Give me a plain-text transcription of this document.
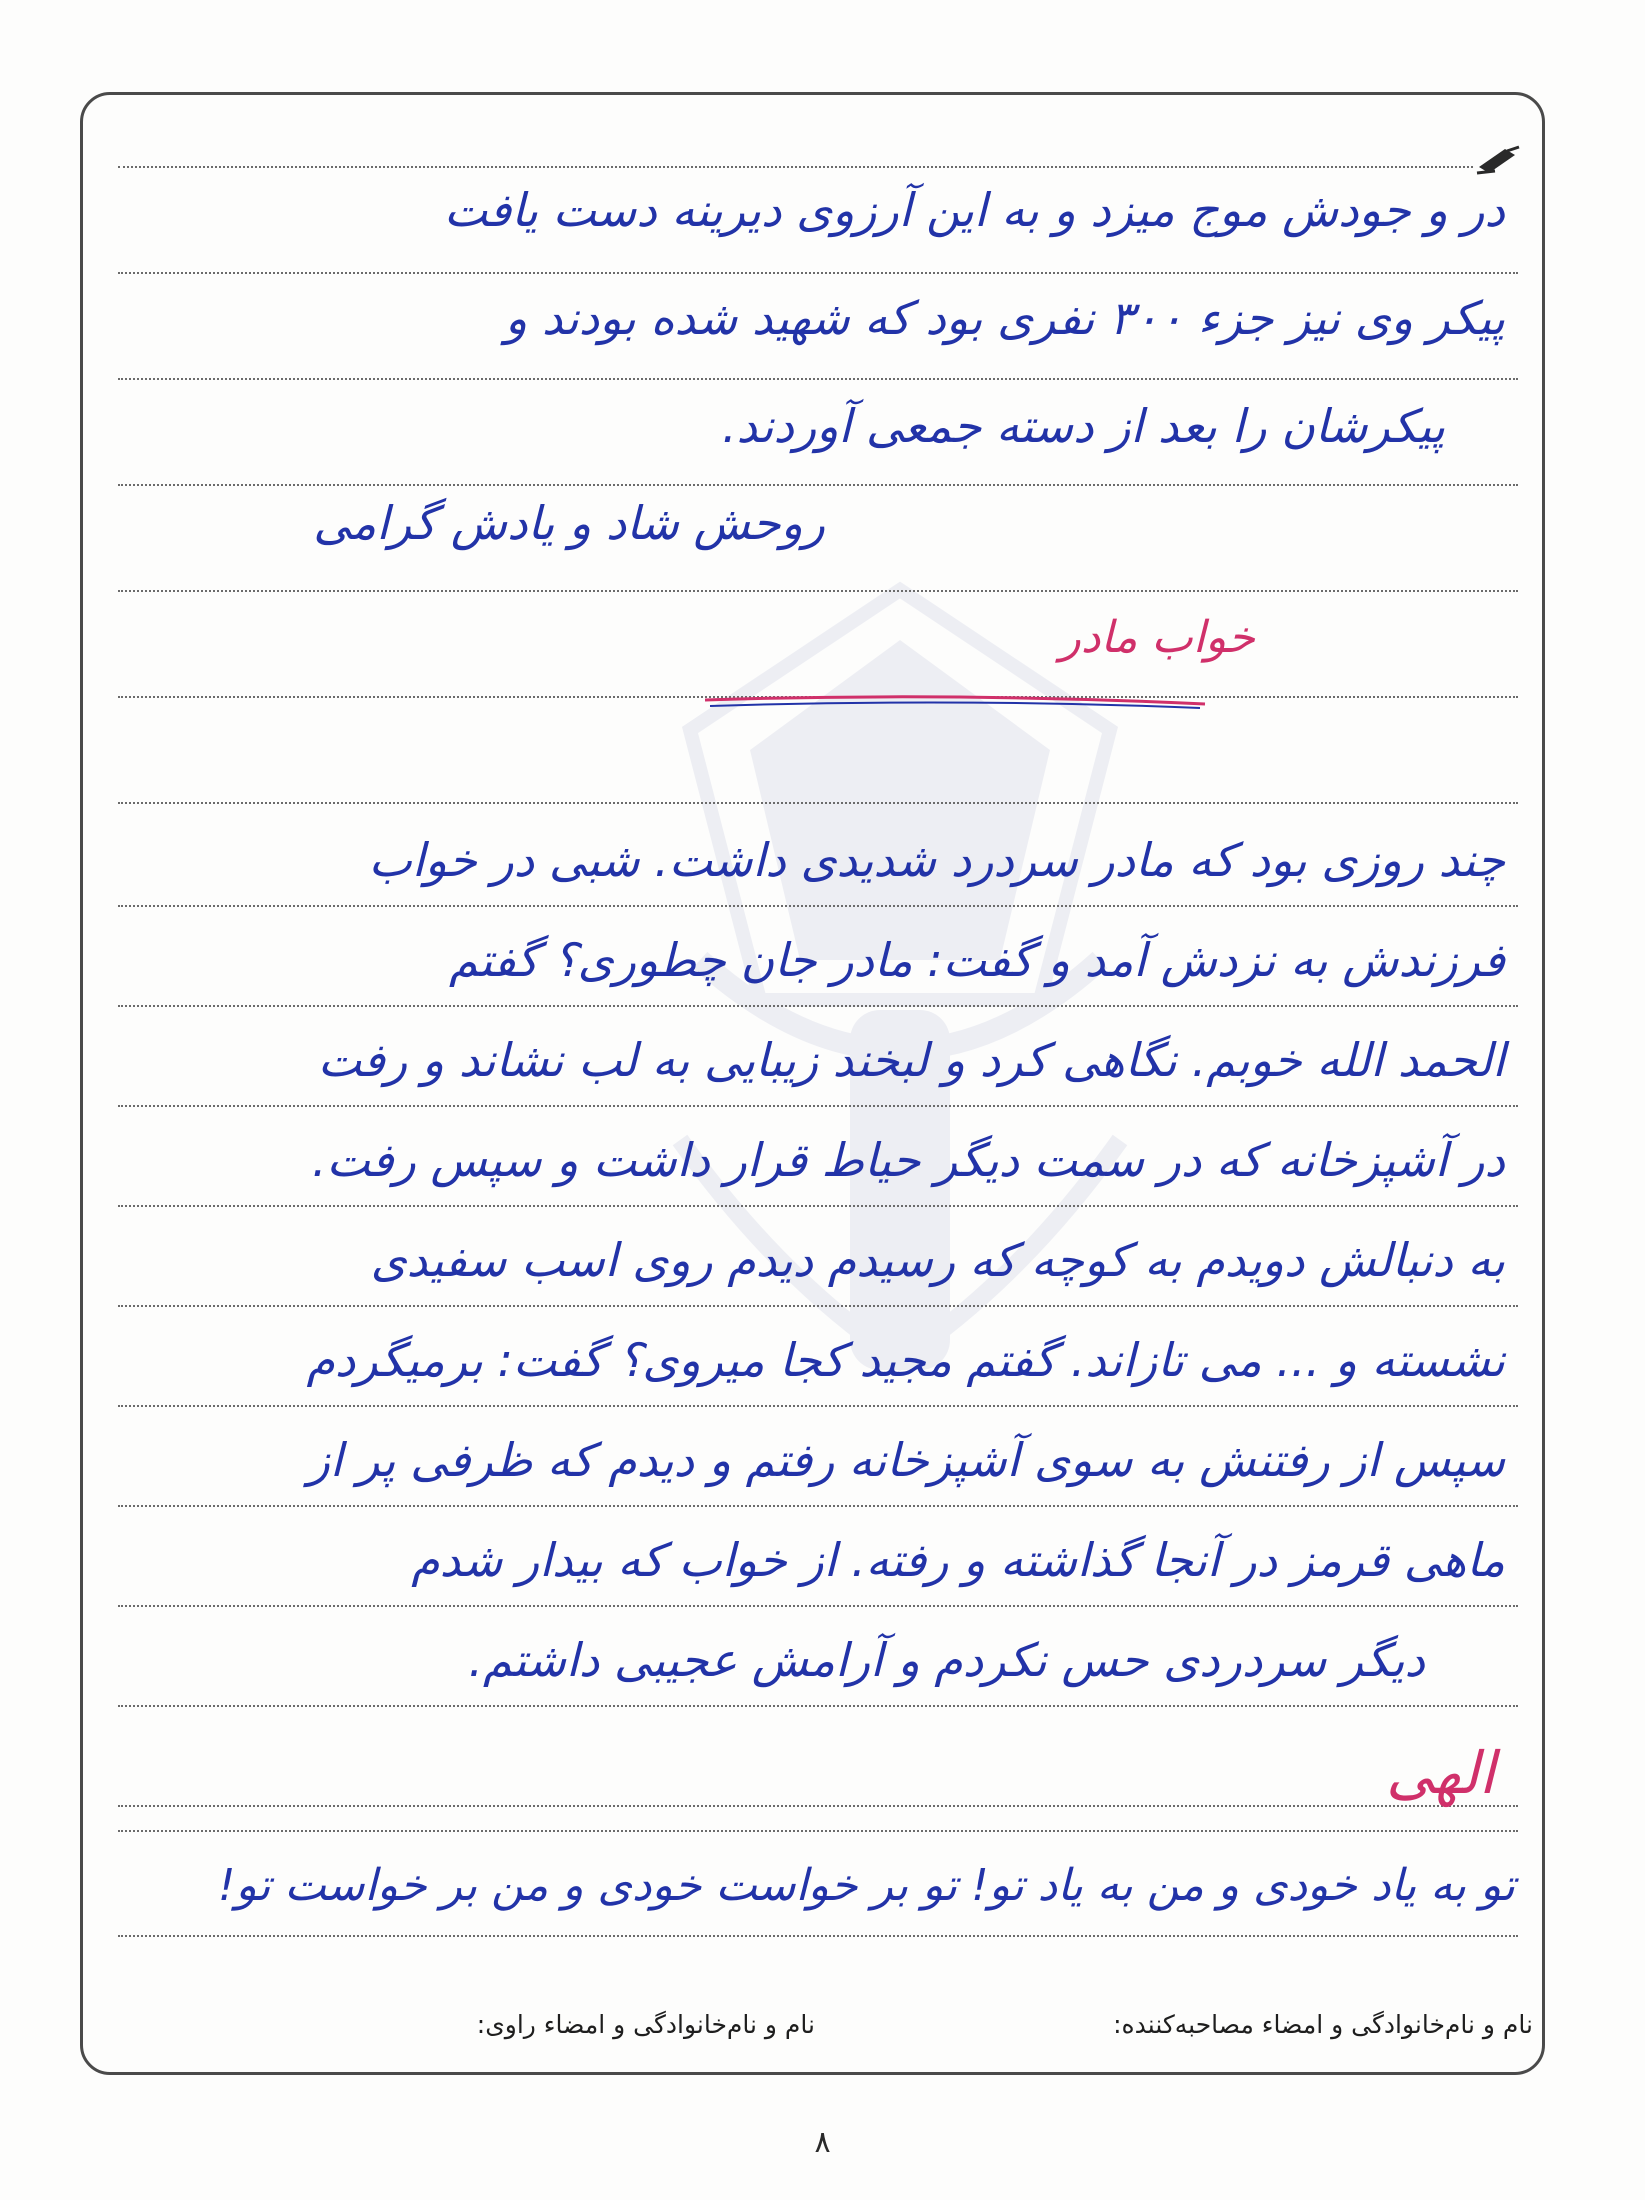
در و جودش موج میزد و به این آرزوی دیرینه دست یافت
پیکر وی نیز جزء ۳۰۰ نفری بود که شهید شده بودند و
پیکرشان را بعد از دسته جمعی آوردند.
روحش شاد و یادش گرامی
خواب مادر
چند روزی بود که مادر سردرد شدیدی داشت. شبی در خواب
فرزندش به نزدش آمد و گفت: مادر جان چطوری؟ گفتم
الحمد الله خوبم. نگاهی کرد و لبخند زیبایی به لب نشاند و رفت
در آشپزخانه که در سمت دیگر حیاط قرار داشت و سپس رفت.
به دنبالش دویدم به کوچه که رسیدم دیدم روی اسب سفیدی
نشسته و ... می تازاند. گفتم مجید کجا میروی؟ گفت: برمیگردم
سپس از رفتنش به سوی آشپزخانه رفتم و دیدم که ظرفی پر از
ماهی قرمز در آنجا گذاشته و رفته. از خواب که بیدار شدم
دیگر سردردی حس نکردم و آرامش عجیبی داشتم.
الهی
تو به یاد خودی و من به یاد تو! تو بر خواست خودی و من بر خواست تو!
نام و نام‌خانوادگی و امضاء مصاحبه‌کننده:
نام و نام‌خانوادگی و امضاء راوی:
۸
